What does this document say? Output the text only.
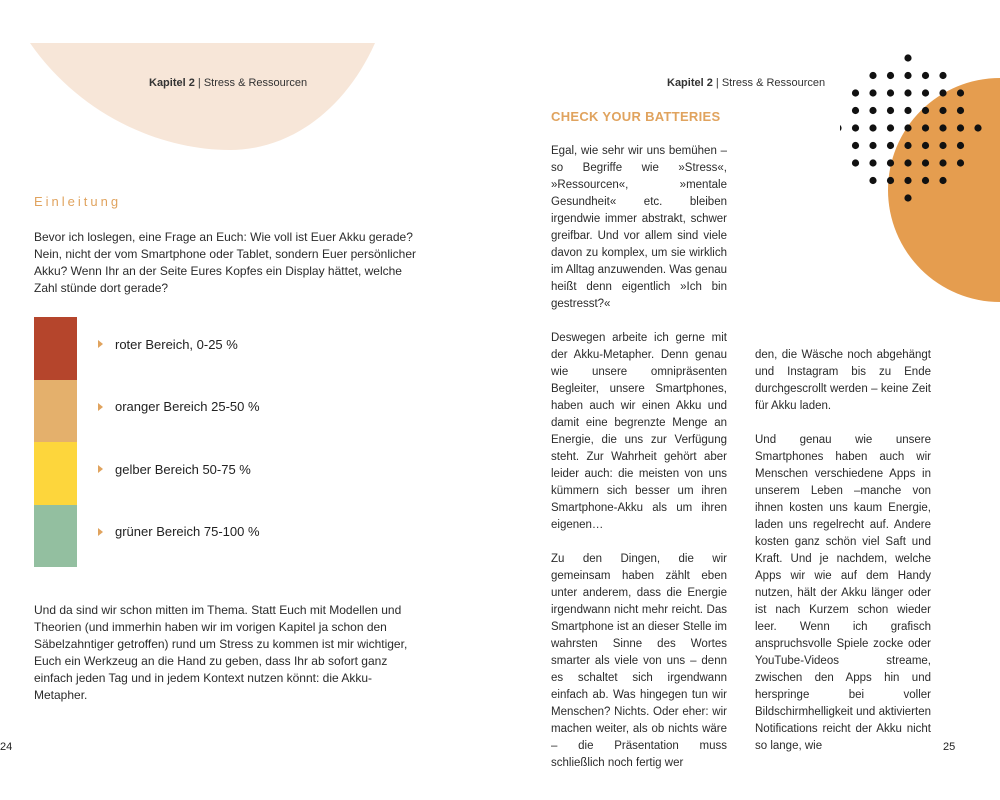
Kapitel 2 | Stress & Ressourcen
Einleitung

Bevor ich loslegen, eine Frage an Euch: Wie voll ist Euer Akku gerade? Nein, nicht der vom Smartphone oder Tablet, sondern Euer persönlicher Akku? Wenn Ihr an der Seite Eures Kopfes ein Display hättet, welche Zahl stünde dort gerade?

roter Bereich, 0-25 %
oranger Bereich 25-50 %
gelber Bereich 50-75 %
grüner Bereich 75-100 %

Und da sind wir schon mitten im Thema. Statt Euch mit Modellen und Theorien (und immerhin haben wir im vorigen Kapitel ja schon den Säbelzahntiger getroffen) rund um Stress zu kommen ist mir wichtiger, Euch ein Werkzeug an die Hand zu geben, dass Ihr ab sofort ganz einfach jeden Tag und in jedem Kontext nutzen könnt: die Akku-Metapher.

24
Kapitel 2 | Stress & Ressourcen
CHECK YOUR BATTERIES

Egal, wie sehr wir uns bemühen – so Begriffe wie »Stress«, »Ressourcen«, »mentale Gesundheit« etc. bleiben irgendwie immer abstrakt, schwer greifbar. Und vor allem sind viele davon zu komplex, um sie wirklich im Alltag anzuwenden. Was genau heißt denn eigentlich »Ich bin gestresst?«

Deswegen arbeite ich gerne mit der Akku-Metapher. Denn genau wie unsere omnipräsenten Begleiter, unsere Smartphones, haben auch wir einen Akku und damit eine begrenzte Menge an Energie, die uns zur Verfügung steht. Zur Wahrheit gehört aber leider auch: die meisten von uns kümmern sich besser um ihren Smartphone-Akku als um ihren eigenen…

Zu den Dingen, die wir gemeinsam haben zählt eben unter anderem, dass die Energie irgendwann nicht mehr reicht. Das Smartphone ist an dieser Stelle im wahrsten Sinne des Wortes smarter als viele von uns – denn es schaltet sich irgendwann einfach ab. Was hingegen tun wir Menschen? Nichts. Oder eher: wir machen weiter, als ob nichts wäre – die Präsentation muss schließlich noch fertig wer

den, die Wäsche noch abgehängt und Instagram bis zu Ende durchgescrollt werden – keine Zeit für Akku laden.

Und genau wie unsere Smartphones haben auch wir Menschen verschiedene Apps in unserem Leben –manche von ihnen kosten uns kaum Energie, laden uns regelrecht auf. Andere kosten ganz schön viel Saft und Kraft. Und je nachdem, welche Apps wir wie auf dem Handy nutzen, hält der Akku länger oder ist nach Kurzem schon wieder leer. Wenn ich grafisch anspruchsvolle Spiele zocke oder YouTube-Videos streame, zwischen den Apps hin und herspringe bei voller Bildschirmhelligkeit und aktivierten Notifications reicht der Akku nicht so lange, wie	25
